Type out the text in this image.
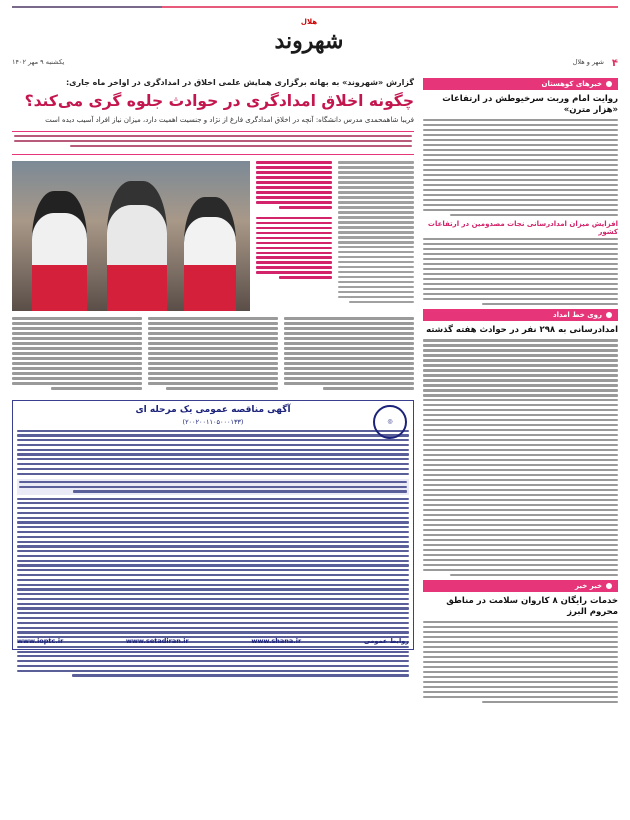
۴
شهر و هلال
هلال
شهروند
یکشنبه ۹ مهر ۱۴۰۲
گزارش «شهروند» به بهانه برگزاری همایش علمی اخلاق در امدادگری در اواخر ماه جاری:
چگونه اخلاق امدادگری در حوادث جلوه گری می‌کند؟
فریبا شاهمحمدی مدرس دانشگاه: آنچه در اخلاق امدادگری فارغ از نژاد و جنسیت اهمیت دارد، میزان نیاز افراد آسیب دیده است
◎
آگهی مناقصه عمومی یک مرحله ای
(۲۰۰۲۰۰۱۱۰۵۰۰۰۱۳۳)
www.ioptc.ir	www.setadiran.ir	www.shana.ir	روابط عمومی
خبرهای کوهستان
روایت امام وربت سرخیوطش در ارتفاعات «هزار مترن»
افزایش میزان امدادرسانی نجات مصدومین در ارتفاعات کشور
روی خط امداد
امدادرسانی به ۲۹۸ نفر در حوادث هفته گذشته
خبر خبر
خدمات رایگان ۸ کاروان سلامت در مناطق محروم البرز
